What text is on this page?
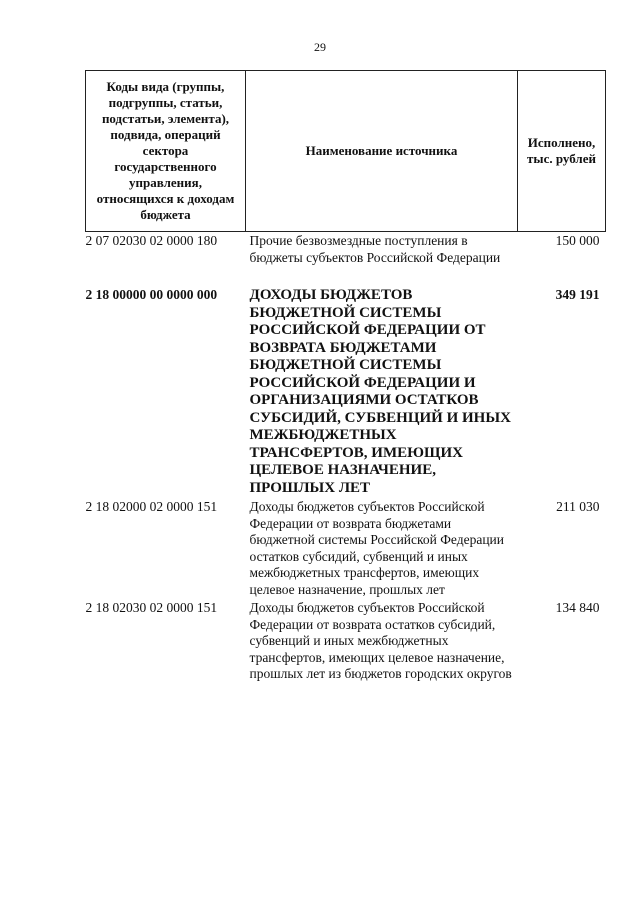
29
Коды вида (группы, подгруппы, статьи, подстатьи, элемента), подвида, операций сектора государственного управления, относящихся к доходам бюджета	Наименование источника	Исполнено, тыс. рублей
2 07 02030 02 0000 180	Прочие безвозмездные поступления в бюджеты субъектов Российской Федерации	150 000
2 18 00000 00 0000 000	ДОХОДЫ БЮДЖЕТОВ БЮДЖЕТНОЙ СИСТЕМЫ РОССИЙСКОЙ ФЕДЕРАЦИИ ОТ ВОЗВРАТА БЮДЖЕТАМИ БЮДЖЕТНОЙ СИСТЕМЫ РОССИЙСКОЙ ФЕДЕРАЦИИ И ОРГАНИЗАЦИЯМИ ОСТАТКОВ СУБСИДИЙ, СУБВЕНЦИЙ И ИНЫХ МЕЖБЮДЖЕТНЫХ ТРАНСФЕРТОВ, ИМЕЮЩИХ ЦЕЛЕВОЕ НАЗНАЧЕНИЕ, ПРОШЛЫХ ЛЕТ	349 191
2 18 02000 02 0000 151	Доходы бюджетов субъектов Российской Федерации от возврата бюджетами бюджетной системы Российской Федерации остатков субсидий, субвенций и иных межбюджетных трансфертов, имеющих целевое назначение, прошлых лет	211 030
2 18 02030 02 0000 151	Доходы бюджетов субъектов Российской Федерации от возврата остатков субсидий, субвенций и иных межбюджетных трансфертов, имеющих целевое назначение, прошлых лет из бюджетов городских округов	134 840
